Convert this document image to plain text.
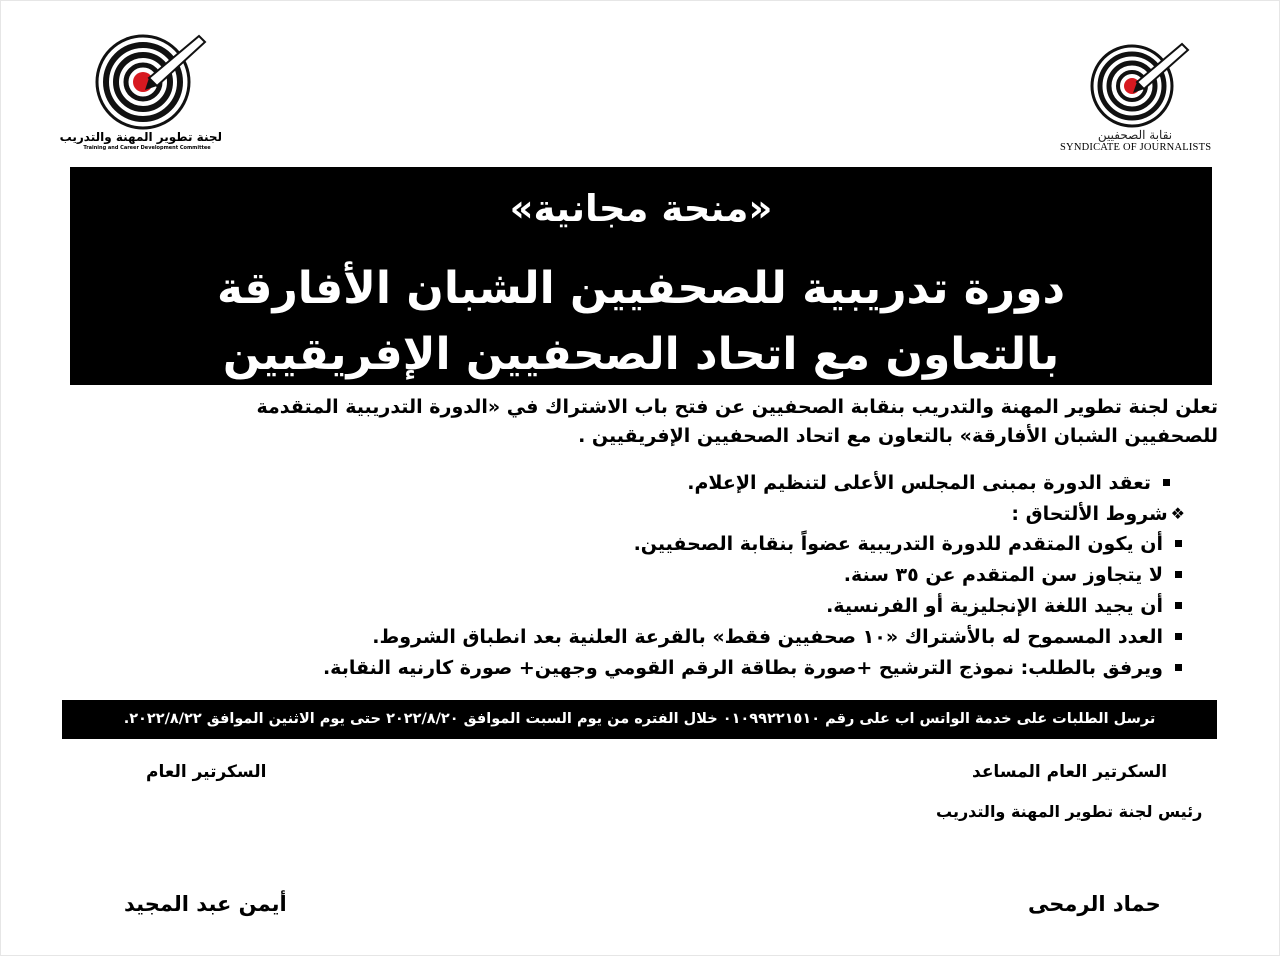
لجنة تطوير المهنة والتدريب
Training and Career Development Committee
نقابة الصحفيين
SYNDICATE OF JOURNALISTS
«منحة مجانية»
دورة تدريبية للصحفيين الشبان الأفارقة
بالتعاون مع اتحاد الصحفيين الإفريقيين
تعلن لجنة تطوير المهنة والتدريب بنقابة الصحفيين عن فتح باب الاشتراك في «الدورة التدريبية المتقدمة
للصحفيين الشبان الأفارقة» بالتعاون مع اتحاد الصحفيين الإفريقيين .
تعقد الدورة بمبنى المجلس الأعلى لتنظيم الإعلام.
❖
شروط الألتحاق :
أن يكون المتقدم للدورة التدريبية عضواً بنقابة الصحفيين.
لا يتجاوز سن المتقدم عن ٣٥ سنة.
أن يجيد اللغة الإنجليزية أو الفرنسية.
العدد المسموح له بالأشتراك «١٠ صحفيين فقط» بالقرعة العلنية بعد انطباق الشروط.
ويرفق بالطلب: نموذج الترشيح +صورة بطاقة الرقم القومي وجهين+ صورة كارنيه النقابة.
ترسل الطلبات على خدمة الواتس اب على رقم ٠١٠٩٩٢٢١٥١٠ خلال الفتره من يوم السبت الموافق ٢٠٢٢/٨/٢٠ حتى يوم الاثنين الموافق ٢٠٢٢/٨/٢٢.
السكرتير العام المساعد
رئيس لجنة تطوير المهنة والتدريب
السكرتير العام
حماد الرمحى
أيمن عبد المجيد
